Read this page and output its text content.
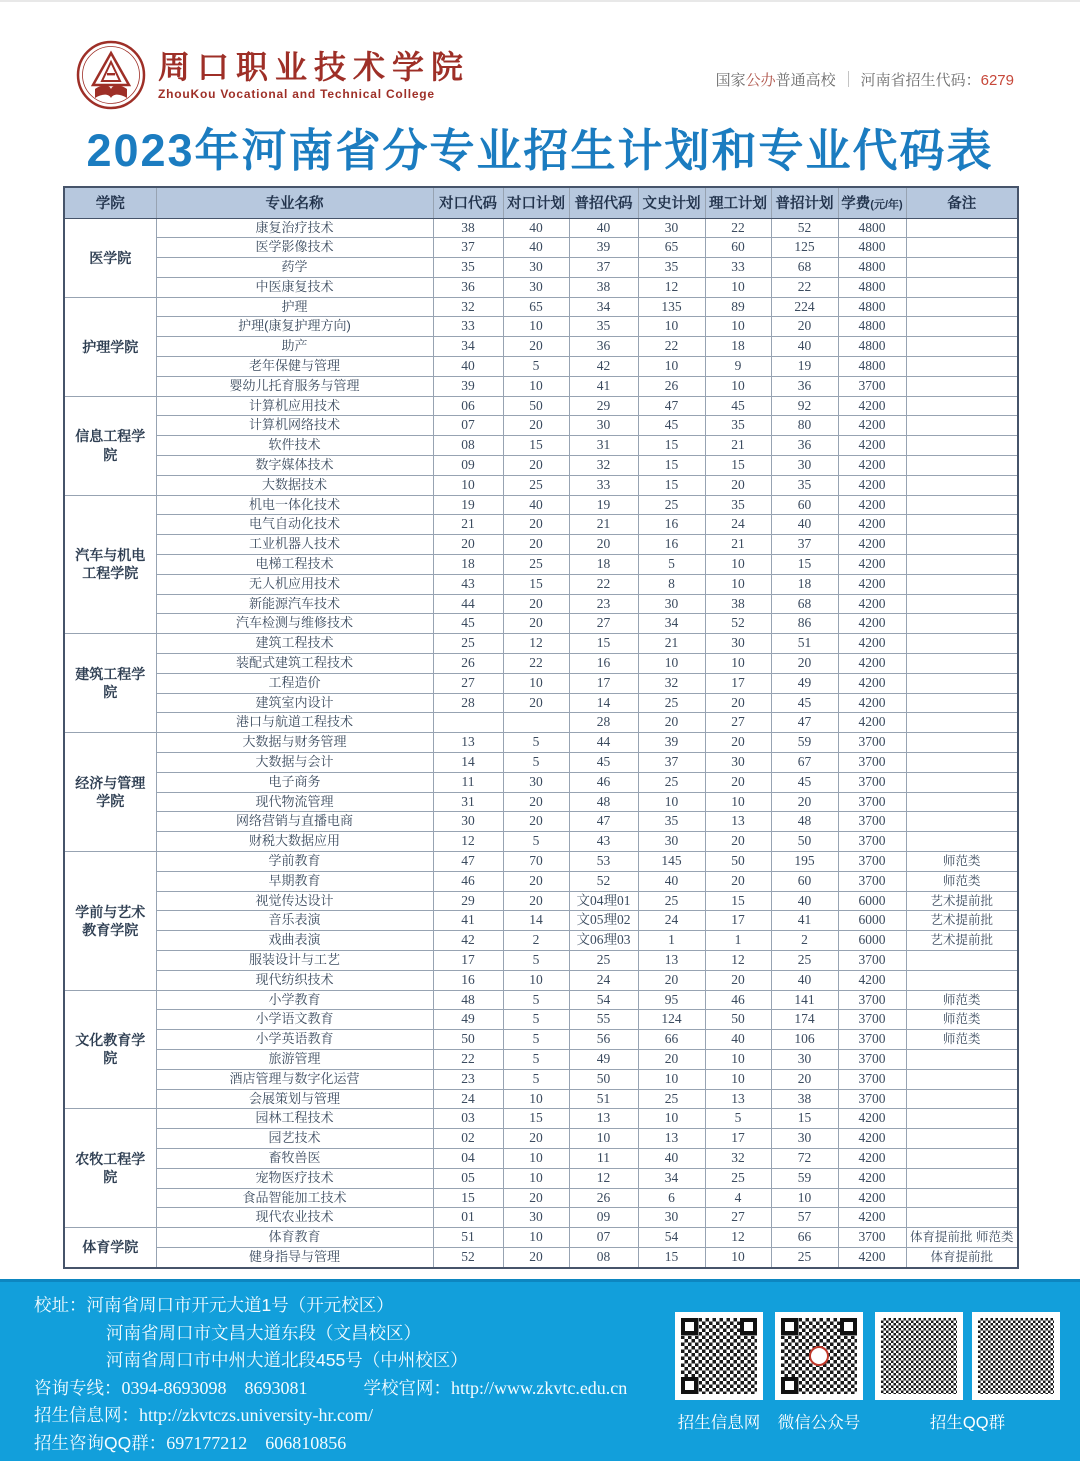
周口职业技术学院
ZhouKou Vocational and Technical College
国家公办普通高校 河南省招生代码：6279
2023年河南省分专业招生计划和专业代码表
学院	专业名称	对口代码	对口计划	普招代码	文史计划	理工计划	普招计划	学费(元/年)	备注
医学院	康复治疗技术	38	40	40	30	22	52	4800	
	医学影像技术	37	40	39	65	60	125	4800	
	药学	35	30	37	35	33	68	4800	
	中医康复技术	36	30	38	12	10	22	4800	
护理学院	护理	32	65	34	135	89	224	4800	
	护理(康复护理方向)	33	10	35	10	10	20	4800	
	助产	34	20	36	22	18	40	4800	
	老年保健与管理	40	5	42	10	9	19	4800	
	婴幼儿托育服务与管理	39	10	41	26	10	36	3700	
信息工程学院	计算机应用技术	06	50	29	47	45	92	4200	
	计算机网络技术	07	20	30	45	35	80	4200	
	软件技术	08	15	31	15	21	36	4200	
	数字媒体技术	09	20	32	15	15	30	4200	
	大数据技术	10	25	33	15	20	35	4200	
汽车与机电工程学院	机电一体化技术	19	40	19	25	35	60	4200	
	电气自动化技术	21	20	21	16	24	40	4200	
	工业机器人技术	20	20	20	16	21	37	4200	
	电梯工程技术	18	25	18	5	10	15	4200	
	无人机应用技术	43	15	22	8	10	18	4200	
	新能源汽车技术	44	20	23	30	38	68	4200	
	汽车检测与维修技术	45	20	27	34	52	86	4200	
建筑工程学院	建筑工程技术	25	12	15	21	30	51	4200	
	装配式建筑工程技术	26	22	16	10	10	20	4200	
	工程造价	27	10	17	32	17	49	4200	
	建筑室内设计	28	20	14	25	20	45	4200	
	港口与航道工程技术			28	20	27	47	4200	
经济与管理学院	大数据与财务管理	13	5	44	39	20	59	3700	
	大数据与会计	14	5	45	37	30	67	3700	
	电子商务	11	30	46	25	20	45	3700	
	现代物流管理	31	20	48	10	10	20	3700	
	网络营销与直播电商	30	20	47	35	13	48	3700	
	财税大数据应用	12	5	43	30	20	50	3700	
学前与艺术教育学院	学前教育	47	70	53	145	50	195	3700	师范类
	早期教育	46	20	52	40	20	60	3700	师范类
	视觉传达设计	29	20	文04理01	25	15	40	6000	艺术提前批
	音乐表演	41	14	文05理02	24	17	41	6000	艺术提前批
	戏曲表演	42	2	文06理03	1	1	2	6000	艺术提前批
	服装设计与工艺	17	5	25	13	12	25	3700	
	现代纺织技术	16	10	24	20	20	40	4200	
文化教育学院	小学教育	48	5	54	95	46	141	3700	师范类
	小学语文教育	49	5	55	124	50	174	3700	师范类
	小学英语教育	50	5	56	66	40	106	3700	师范类
	旅游管理	22	5	49	20	10	30	3700	
	酒店管理与数字化运营	23	5	50	10	10	20	3700	
	会展策划与管理	24	10	51	25	13	38	3700	
农牧工程学院	园林工程技术	03	15	13	10	5	15	4200	
	园艺技术	02	20	10	13	17	30	4200	
	畜牧兽医	04	10	11	40	32	72	4200	
	宠物医疗技术	05	10	12	34	25	59	4200	
	食品智能加工技术	15	20	26	6	4	10	4200	
	现代农业技术	01	30	09	30	27	57	4200	
体育学院	体育教育	51	10	07	54	12	66	3700	体育提前批 师范类
	健身指导与管理	52	20	08	15	10	25	4200	体育提前批
校址：河南省周口市开元大道1号（开元校区）
河南省周口市文昌大道东段（文昌校区）
河南省周口市中州大道北段455号（中州校区）
咨询专线：0394-8693098　8693081	学校官网：http://www.zkvtc.edu.cn
招生信息网：http://zkvtczs.university-hr.com/
招生咨询QQ群：697177212　606810856
招生信息网 微信公众号	招生QQ群
